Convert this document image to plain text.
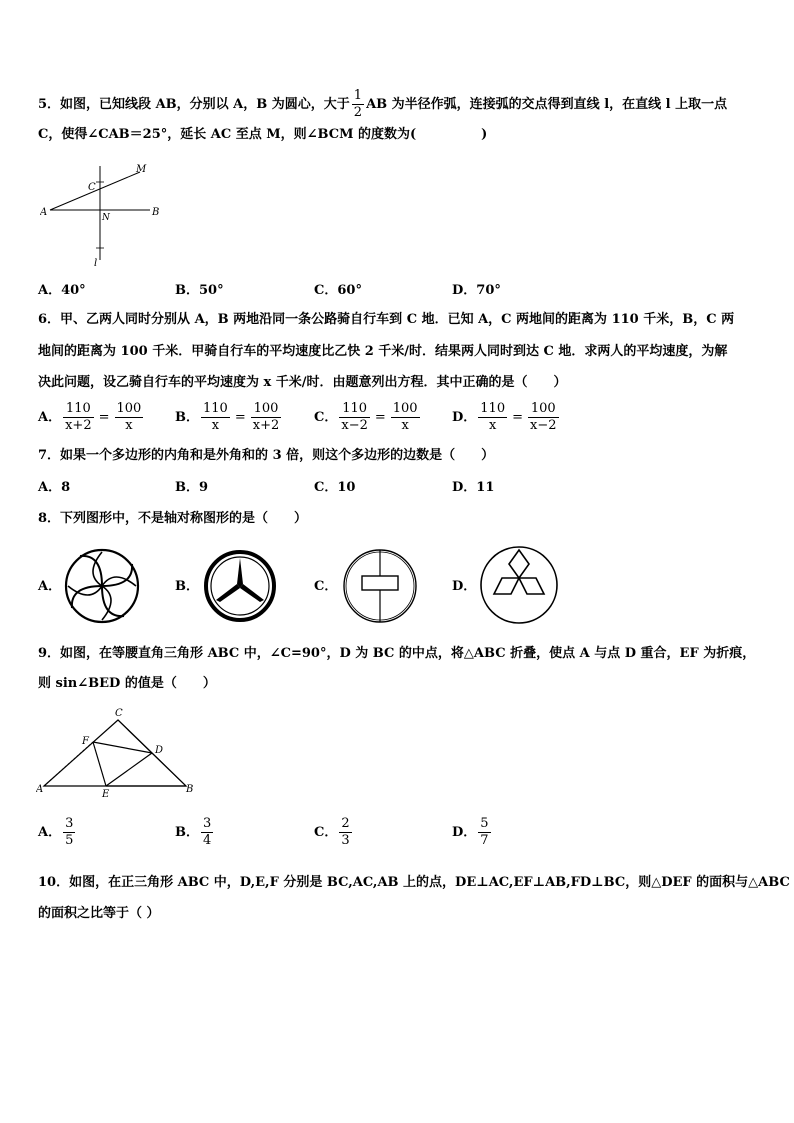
5．如图，已知线段 AB，分别以 A，B 为圆心，大于 $\frac{1}{2}$ AB 为半径作弧，连接弧的交点得到直线 l，在直线 l 上取一点
C，使得∠CAB＝25°，延长 AC 至点 M，则∠BCM 的度数为(　　　　　)
A	B
C
M
N
l
A．40°	B．50°	C．60°	D．70°
6．甲、乙两人同时分别从 A，B 两地沿同一条公路骑自行车到 C 地．已知 A，C 两地间的距离为 110 千米，B，C 两
地间的距离为 100 千米．甲骑自行车的平均速度比乙快 2 千米/时．结果两人同时到达 C 地．求两人的平均速度，为解
决此问题，设乙骑自行车的平均速度为 x 千米/时．由题意列出方程．其中正确的是（　　）
A． $\frac{110}{x+2} = \frac{100}{x}$ B． $\frac{110}{x} = \frac{100}{x+2}$	C． $\frac{110}{x-2} = \frac{100}{x}$ D． $\frac{110}{x} = \frac{100}{x-2}$
7．如果一个多边形的内角和是外角和的 3 倍，则这个多边形的边数是（　　）
A．8	B．9	C．10	D．11
8．下列图形中，不是轴对称图形的是（　　）
A．	B．	C．	D．
9．如图，在等腰直角三角形 ABC 中，∠C=90°，D 为 BC 的中点，将△ABC 折叠，使点 A 与点 D 重合，EF 为折痕，
则 sin∠BED 的值是（　　）
A	B
C
D
E
F
A． $\frac{3}{5}$	B． $\frac{3}{4}$	C． $\frac{2}{3}$	D． $\frac{5}{7}$
10．如图，在正三角形 ABC 中，D,E,F 分别是 BC,AC,AB 上的点，DE⊥AC,EF⊥AB,FD⊥BC，则△DEF 的面积与△ABC
的面积之比等于（ ）
